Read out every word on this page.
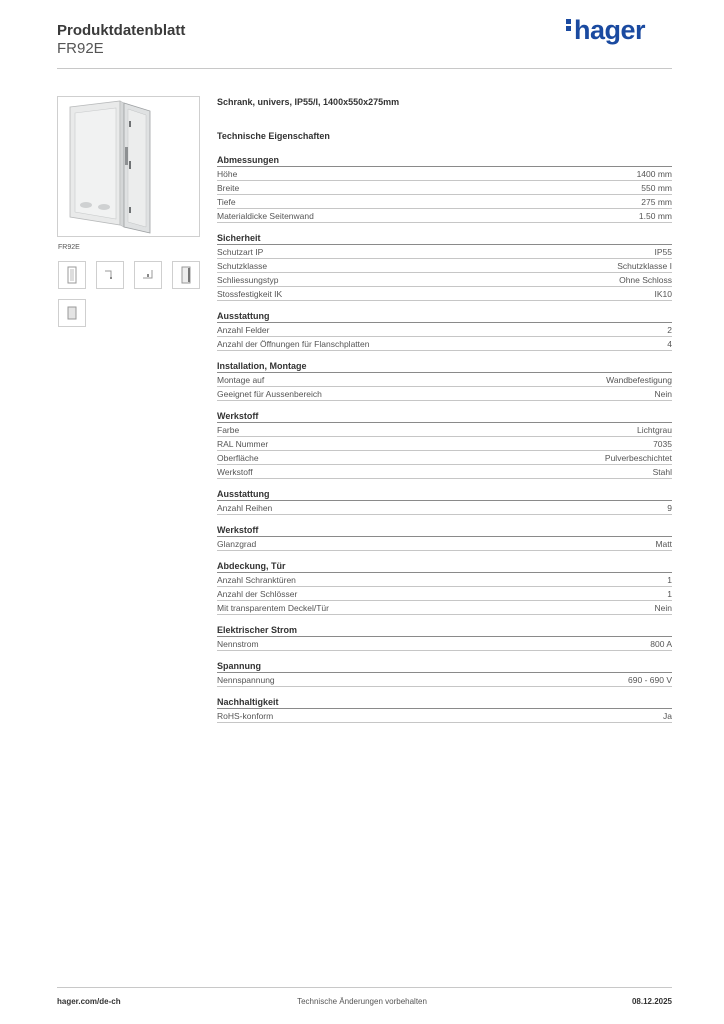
Produktdatenblatt
FR92E
hager
FR92E
Schrank, univers, IP55/I, 1400x550x275mm
Technische Eigenschaften
Abmessungen
Höhe	1400 mm
Breite	550 mm
Tiefe	275 mm
Materialdicke Seitenwand	1.50 mm
Sicherheit
Schutzart IP	IP55
Schutzklasse	Schutzklasse I
Schliessungstyp	Ohne Schloss
Stossfestigkeit IK	IK10
Ausstattung
Anzahl Felder	2
Anzahl der Öffnungen für Flanschplatten	4
Installation, Montage
Montage auf	Wandbefestigung
Geeignet für Aussenbereich	Nein
Werkstoff
Farbe	Lichtgrau
RAL Nummer	7035
Oberfläche	Pulverbeschichtet
Werkstoff	Stahl
Ausstattung
Anzahl Reihen	9
Werkstoff
Glanzgrad	Matt
Abdeckung, Tür
Anzahl Schranktüren	1
Anzahl der Schlösser	1
Mit transparentem Deckel/Tür	Nein
Elektrischer Strom
Nennstrom	800 A
Spannung
Nennspannung	690 - 690 V
Nachhaltigkeit
RoHS-konform	Ja
hager.com/de-ch	Technische Änderungen vorbehalten	08.12.2025
